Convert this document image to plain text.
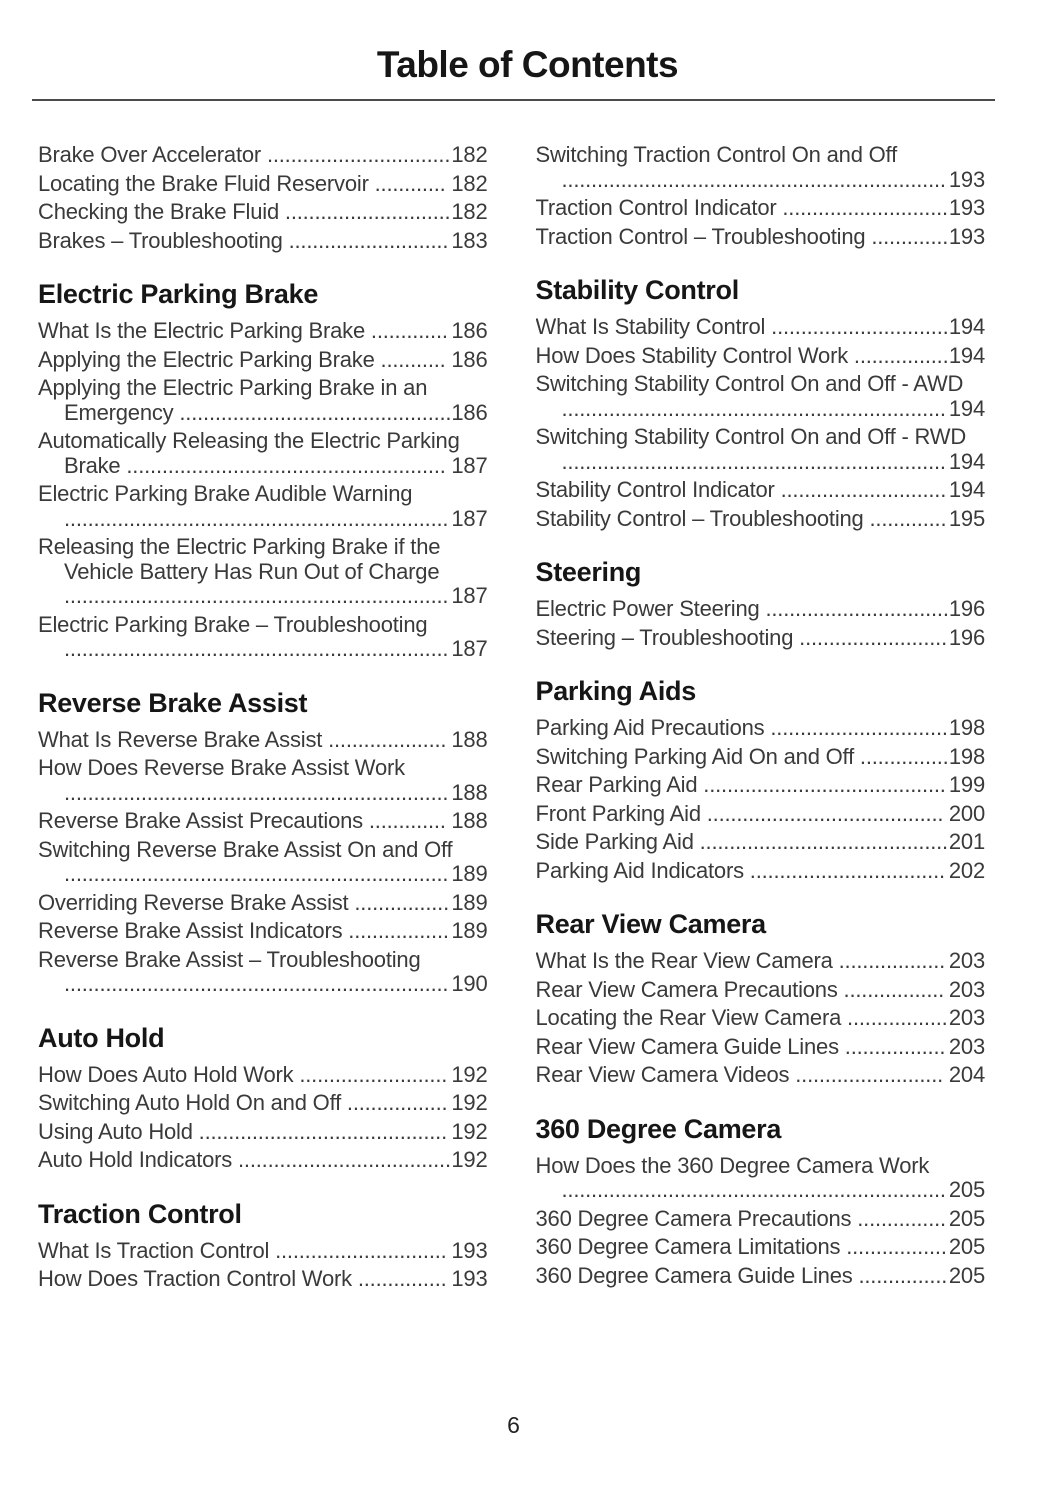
Table of Contents
Brake Over Accelerator ............................... 182
Locating the Brake Fluid Reservoir ............ 182
Checking the Brake Fluid ............................ 182
Brakes – Troubleshooting ........................... 183
Electric Parking Brake
What Is the Electric Parking Brake ............. 186
Applying the Electric Parking Brake ........... 186
Applying the Electric Parking Brake in an Emergency .............................................. 186
Automatically Releasing the Electric Parking Brake ...................................................... 187
Electric Parking Brake Audible Warning ................................................................. 187
Releasing the Electric Parking Brake if the Vehicle Battery Has Run Out of Charge ................................................................. 187
Electric Parking Brake – Troubleshooting ................................................................. 187
Reverse Brake Assist
What Is Reverse Brake Assist .................... 188
How Does Reverse Brake Assist Work ................................................................. 188
Reverse Brake Assist Precautions ............. 188
Switching Reverse Brake Assist On and Off ................................................................. 189
Overriding Reverse Brake Assist ................ 189
Reverse Brake Assist Indicators ................. 189
Reverse Brake Assist – Troubleshooting ................................................................. 190
Auto Hold
How Does Auto Hold Work ......................... 192
Switching Auto Hold On and Off ................. 192
Using Auto Hold .......................................... 192
Auto Hold Indicators .................................... 192
Traction Control
What Is Traction Control ............................. 193
How Does Traction Control Work ............... 193
Switching Traction Control On and Off ................................................................. 193
Traction Control Indicator ............................ 193
Traction Control – Troubleshooting ............. 193
Stability Control
What Is Stability Control .............................. 194
How Does Stability Control Work ................ 194
Switching Stability Control On and Off - AWD ................................................................. 194
Switching Stability Control On and Off - RWD ................................................................. 194
Stability Control Indicator ............................ 194
Stability Control – Troubleshooting ............. 195
Steering
Electric Power Steering ............................... 196
Steering – Troubleshooting ......................... 196
Parking Aids
Parking Aid Precautions .............................. 198
Switching Parking Aid On and Off ............... 198
Rear Parking Aid ......................................... 199
Front Parking Aid ........................................ 200
Side Parking Aid .......................................... 201
Parking Aid Indicators ................................. 202
Rear View Camera
What Is the Rear View Camera .................. 203
Rear View Camera Precautions ................. 203
Locating the Rear View Camera ................. 203
Rear View Camera Guide Lines ................. 203
Rear View Camera Videos ......................... 204
360 Degree Camera
How Does the 360 Degree Camera Work ................................................................. 205
360 Degree Camera Precautions ............... 205
360 Degree Camera Limitations ................. 205
360 Degree Camera Guide Lines ............... 205
6
